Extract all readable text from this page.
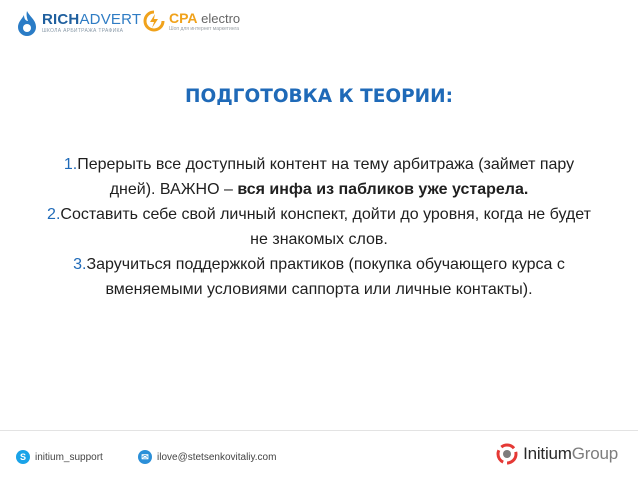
RICHADVERT
ШКОЛА АРБИТРАЖА ТРАФИКА
CPA electro
Шоп для интернет маркетинга
ПОДГОТОВКА К ТЕОРИИ:
1.Перерыть все доступный контент на тему арбитража (займет пару дней). ВАЖНО – вся инфа из пабликов уже устарела.
2.Составить себе свой личный конспект, дойти до уровня, когда не будет не знакомых слов.
3.Заручиться поддержкой практиков (покупка обучающего курса с вменяемыми условиями саппорта или личные контакты).
S initium_support	✉ ilove@stetsenkovitaliy.com	InitiumGroup
